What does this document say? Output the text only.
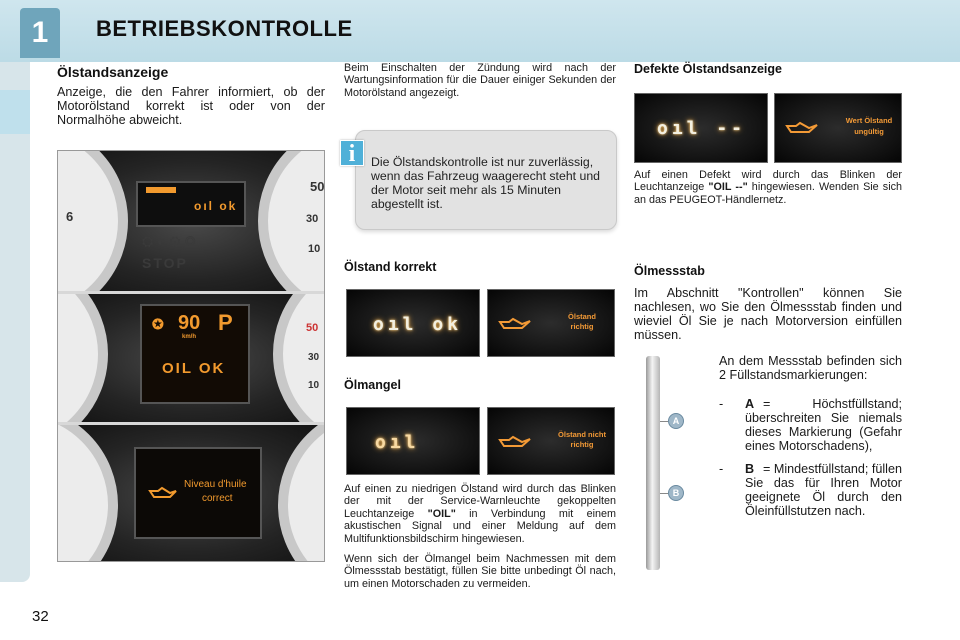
1	BETRIEBSKONTROLLE
Ölstandsanzeige
Anzeige, die den Fahrer informiert, ob der Motorölstand korrekt ist oder von der Normalhöhe abweicht.
6
50
30
10
oıl ok
⛭ ◐ ⚙ ◎
STOP
50
30
10
✪ 90
km/h
P
OIL OK
Niveau d'huile
correct
Beim Einschalten der Zündung wird nach der Wartungsinformation für die Dauer einiger Sekunden der Motorölstand angezeigt.
Die Ölstandskontrolle ist nur zuverlässig, wenn das Fahrzeug waagerecht steht und der Motor seit mehr als 15 Minuten abgestellt ist.
i
Ölstand korrekt
oıl ok	Ölstand
richtig
Ölmangel
oıl	Ölstand nicht
richtig
Auf einen zu niedrigen Ölstand wird durch das Blinken der mit der Service-Warnleuchte gekoppelten Leuchtanzeige "OIL" in Verbindung mit einem akustischen Signal und einer Meldung auf dem Multifunktionsbildschirm hingewiesen.
Wenn sich der Ölmangel beim Nachmessen mit dem Ölmessstab bestätigt, füllen Sie bitte unbedingt Öl nach, um einen Motorschaden zu vermeiden.
Defekte Ölstandsanzeige
oıl --	Wert Ölstand
ungültig
Auf einen Defekt wird durch das Blinken der Leuchtanzeige "OIL --" hingewiesen. Wenden Sie sich an das PEUGEOT-Händlernetz.
Ölmessstab
Im Abschnitt "Kontrollen" können Sie nachlesen, wo Sie den Ölmessstab finden und wieviel Öl Sie je nach Motorversion einfüllen müssen.
A
B
An dem Messstab befinden sich 2 Füllstandsmarkierungen:
- A = Höchstfüllstand; überschreiten Sie niemals dieses Markierung (Gefahr eines Motorschadens),
- B = Mindestfüllstand; füllen Sie das für Ihren Motor geeignete Öl durch den Öleinfüllstutzen nach.
32
